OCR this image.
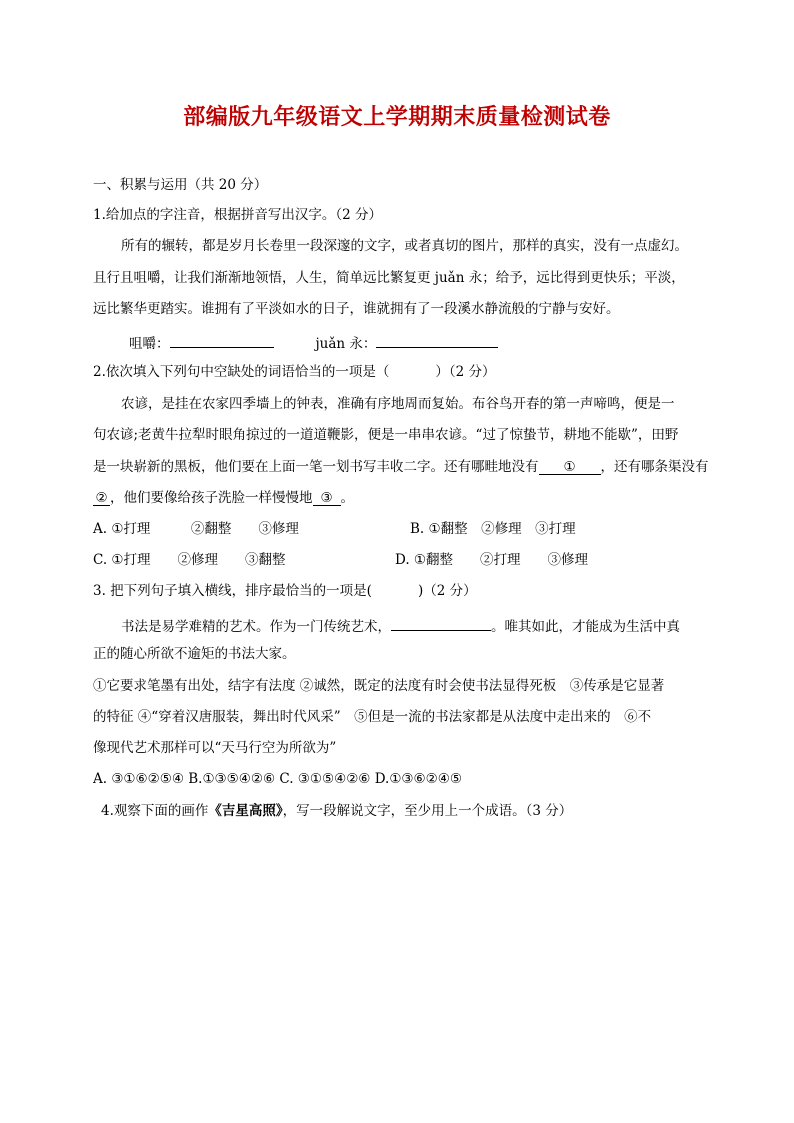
部编版九年级语文上学期期末质量检测试卷
一、积累与运用（共 20 分）
1.给加点的字注音，根据拼音写出汉字。（2 分）
所有的辗转，都是岁月长卷里一段深邃的文字，或者真切的图片，那样的真实，没有一点虚幻。
且行且咀嚼，让我们渐渐地领悟，人生，简单远比繁复更 juǎn 永；给予，远比得到更快乐；平淡，
远比繁华更踏实。谁拥有了平淡如水的日子，谁就拥有了一段溪水静流般的宁静与安好。
咀嚼：	juǎn 永：
2.依次填入下列句中空缺处的词语恰当的一项是（	）（2 分）
农谚，是挂在农家四季墙上的钟表，准确有序地周而复始。布谷鸟开春的第一声啼鸣，便是一
句农谚;老黄牛拉犁时眼角掠过的一道道鞭影，便是一串串农谚。“过了惊蛰节，耕地不能歇”，田野
是一块崭新的黑板，他们要在上面一笔一划书写丰收二字。还有哪畦地没有 ① ，还有哪条渠没有
② ，他们要像给孩子洗脸一样慢慢地 ③ 。
A. ①打理　　　②翻整　　③修理	B. ①翻整　②修理　③打理
C. ①打理　　②修理　　③翻整	D. ①翻整　　②打理　　③修理
3. 把下列句子填入横线，排序最恰当的一项是(	)（2 分）
书法是易学难精的艺术。作为一门传统艺术，	。唯其如此，才能成为生活中真
正的随心所欲不逾矩的书法大家。
①它要求笔墨有出处，结字有法度 ②诚然，既定的法度有时会使书法显得死板　③传承是它显著
的特征 ④“穿着汉唐服装，舞出时代风采”　⑤但是一流的书法家都是从法度中走出来的　⑥不
像现代艺术那样可以“天马行空为所欲为”
A. ③①⑥②⑤④ B.①③⑤④②⑥ C. ③①⑤④②⑥ D.①③⑥②④⑤
4.观察下面的画作《吉星高照》，写一段解说文字，至少用上一个成语。（3 分）
